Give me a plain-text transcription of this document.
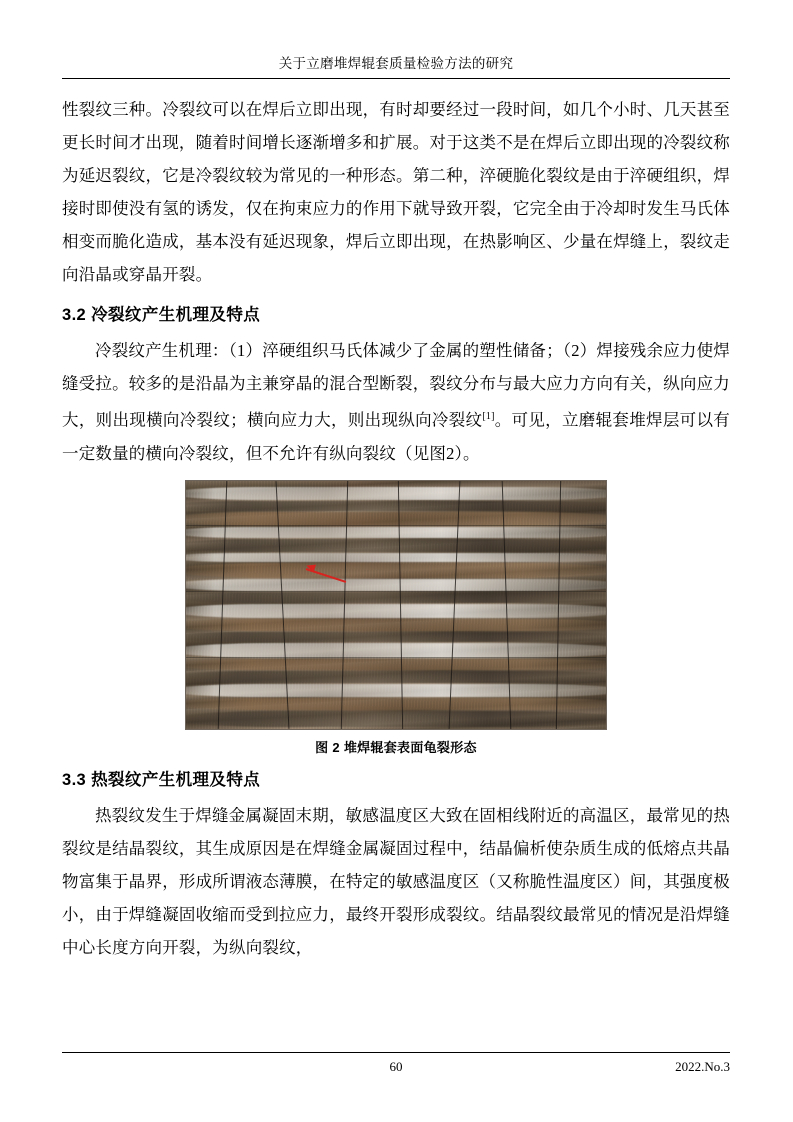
关于立磨堆焊辊套质量检验方法的研究

性裂纹三种。冷裂纹可以在焊后立即出现，有时却要经过一段时间，如几个小时、几天甚至更长时间才出现，随着时间增长逐渐增多和扩展。对于这类不是在焊后立即出现的冷裂纹称为延迟裂纹，它是冷裂纹较为常见的一种形态。第二种，淬硬脆化裂纹是由于淬硬组织，焊接时即使没有氢的诱发，仅在拘束应力的作用下就导致开裂，它完全由于冷却时发生马氏体相变而脆化造成，基本没有延迟现象，焊后立即出现，在热影响区、少量在焊缝上，裂纹走向沿晶或穿晶开裂。

3.2 冷裂纹产生机理及特点

冷裂纹产生机理：（1）淬硬组织马氏体减少了金属的塑性储备；（2）焊接残余应力使焊缝受拉。较多的是沿晶为主兼穿晶的混合型断裂，裂纹分布与最大应力方向有关，纵向应力大，则出现横向冷裂纹；横向应力大，则出现纵向冷裂纹[1]。可见，立磨辊套堆焊层可以有一定数量的横向冷裂纹，但不允许有纵向裂纹（见图2）。

图 2 堆焊辊套表面龟裂形态
3.3 热裂纹产生机理及特点

热裂纹发生于焊缝金属凝固末期，敏感温度区大致在固相线附近的高温区，最常见的热裂纹是结晶裂纹，其生成原因是在焊缝金属凝固过程中，结晶偏析使杂质生成的低熔点共晶物富集于晶界，形成所谓液态薄膜，在特定的敏感温度区（又称脆性温度区）间，其强度极小，由于焊缝凝固收缩而受到拉应力，最终开裂形成裂纹。结晶裂纹最常见的情况是沿焊缝中心长度方向开裂，为纵向裂纹，

60	2022.No.3
